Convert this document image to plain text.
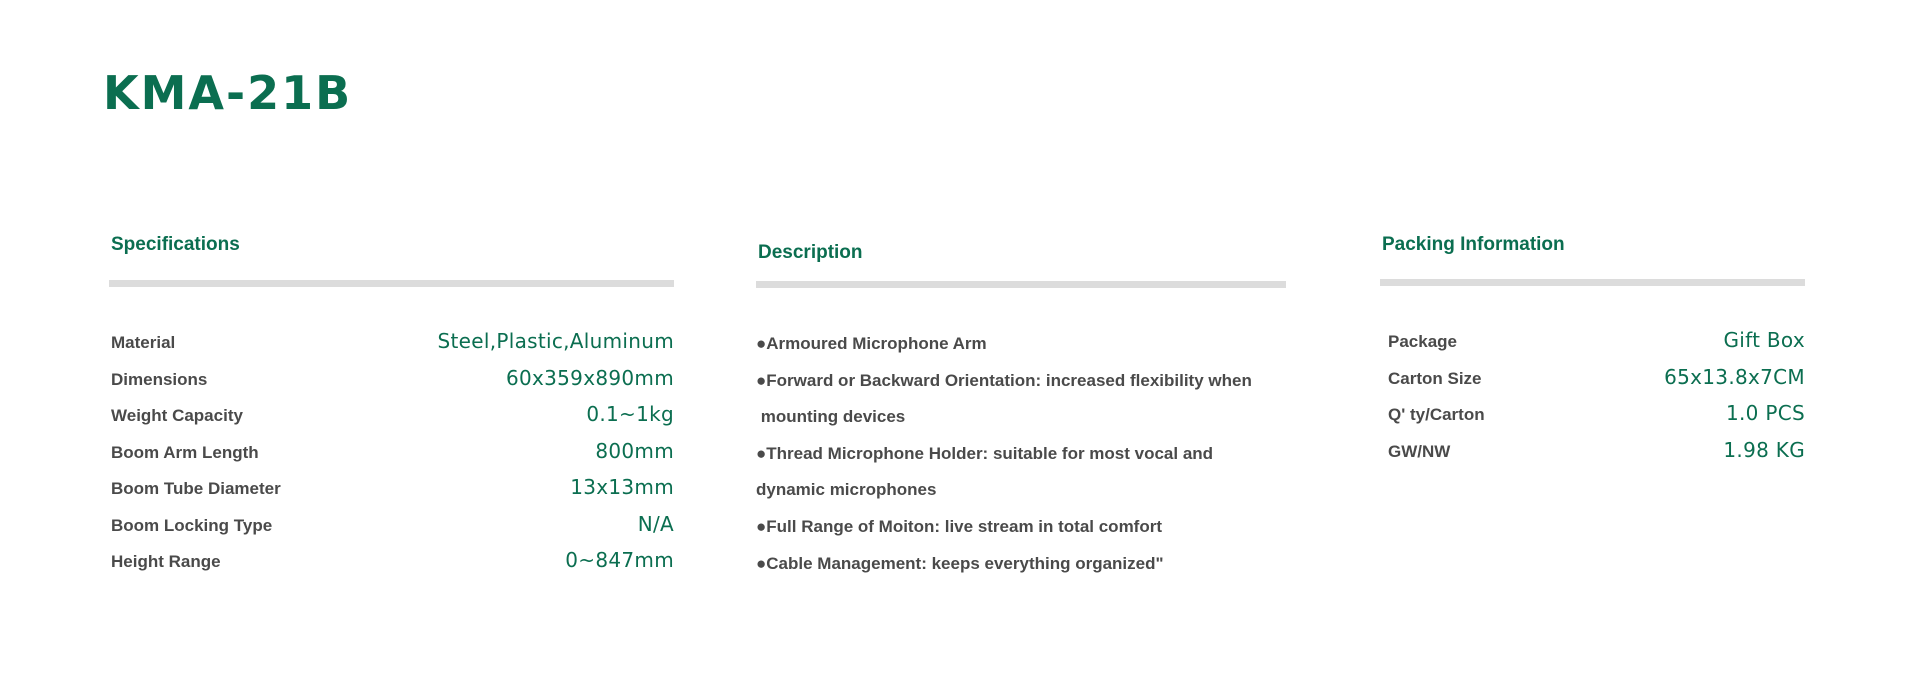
KMA-21B
Specifications
Material	Steel,Plastic,Aluminum
Dimensions	60x359x890mm
Weight Capacity	0.1~1kg
Boom Arm Length	800mm
Boom Tube Diameter	13x13mm
Boom Locking Type	N/A
Height Range	0~847mm
Description
●Armoured Microphone Arm
●Forward or Backward Orientation: increased flexibility when
mounting devices
●Thread Microphone Holder: suitable for most vocal and
dynamic microphones
●Full Range of Moiton: live stream in total comfort
●Cable Management: keeps everything organized"
Packing Information
Package	Gift Box
Carton Size	65x13.8x7CM
Q' ty/Carton	1.0 PCS
GW/NW	1.98 KG
